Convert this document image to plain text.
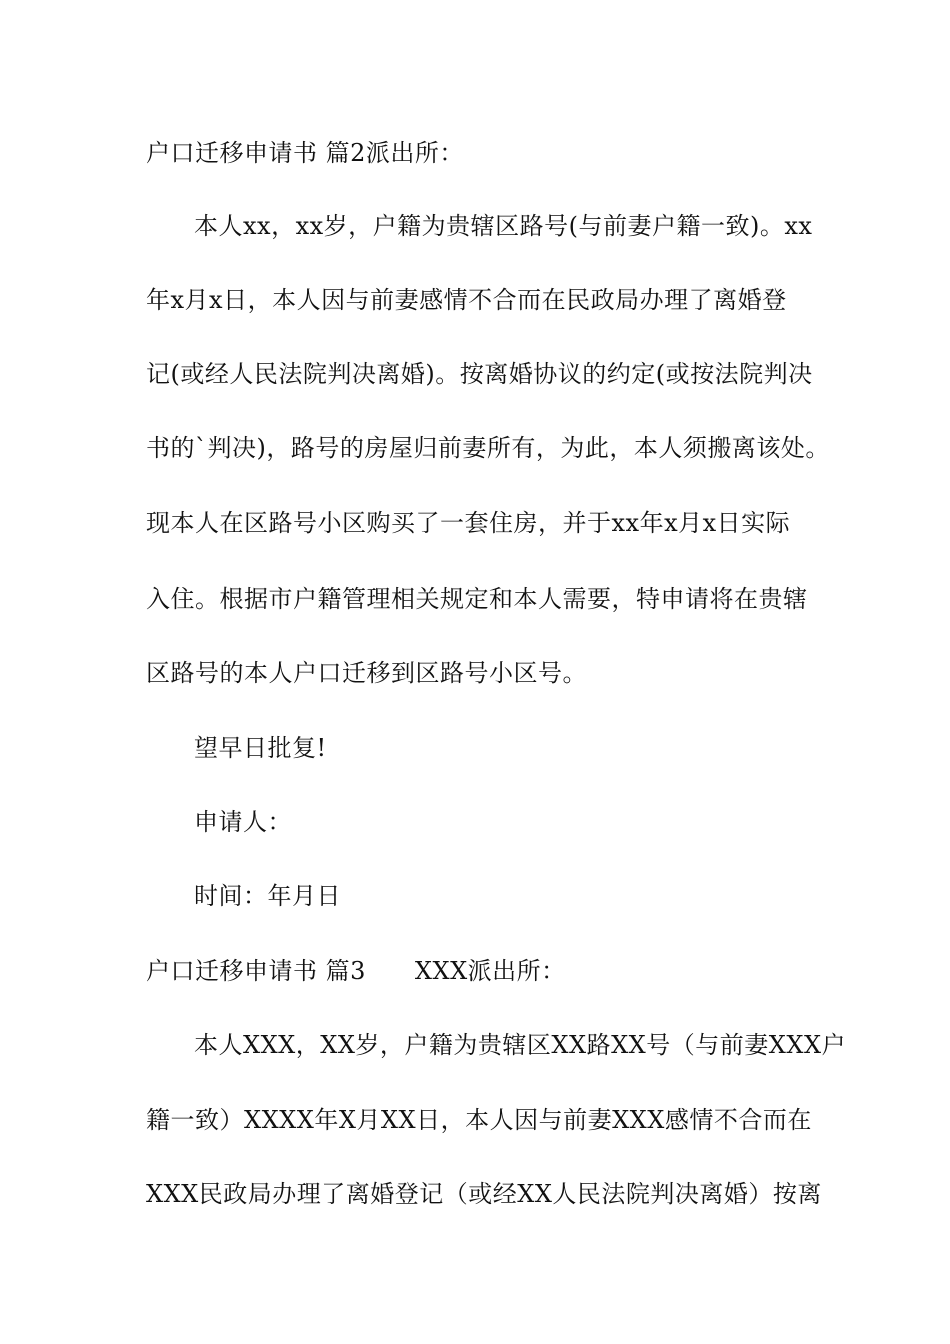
户口迁移申请书 篇2派出所：
本人xx，xx岁，户籍为贵辖区路号(与前妻户籍一致)。xx
年x月x日，本人因与前妻感情不合而在民政局办理了离婚登
记(或经人民法院判决离婚)。按离婚协议的约定(或按法院判决
书的`判决)，路号的房屋归前妻所有，为此，本人须搬离该处。
现本人在区路号小区购买了一套住房，并于xx年x月x日实际
入住。根据市户籍管理相关规定和本人需要，特申请将在贵辖
区路号的本人户口迁移到区路号小区号。
望早日批复!
申请人：
时间：年月日
户口迁移申请书 篇3　　XXX派出所：
本人XXX，XX岁，户籍为贵辖区XX路XX号（与前妻XXX户
籍一致）XXXX年X月XX日，本人因与前妻XXX感情不合而在
XXX民政局办理了离婚登记（或经XX人民法院判决离婚）按离
